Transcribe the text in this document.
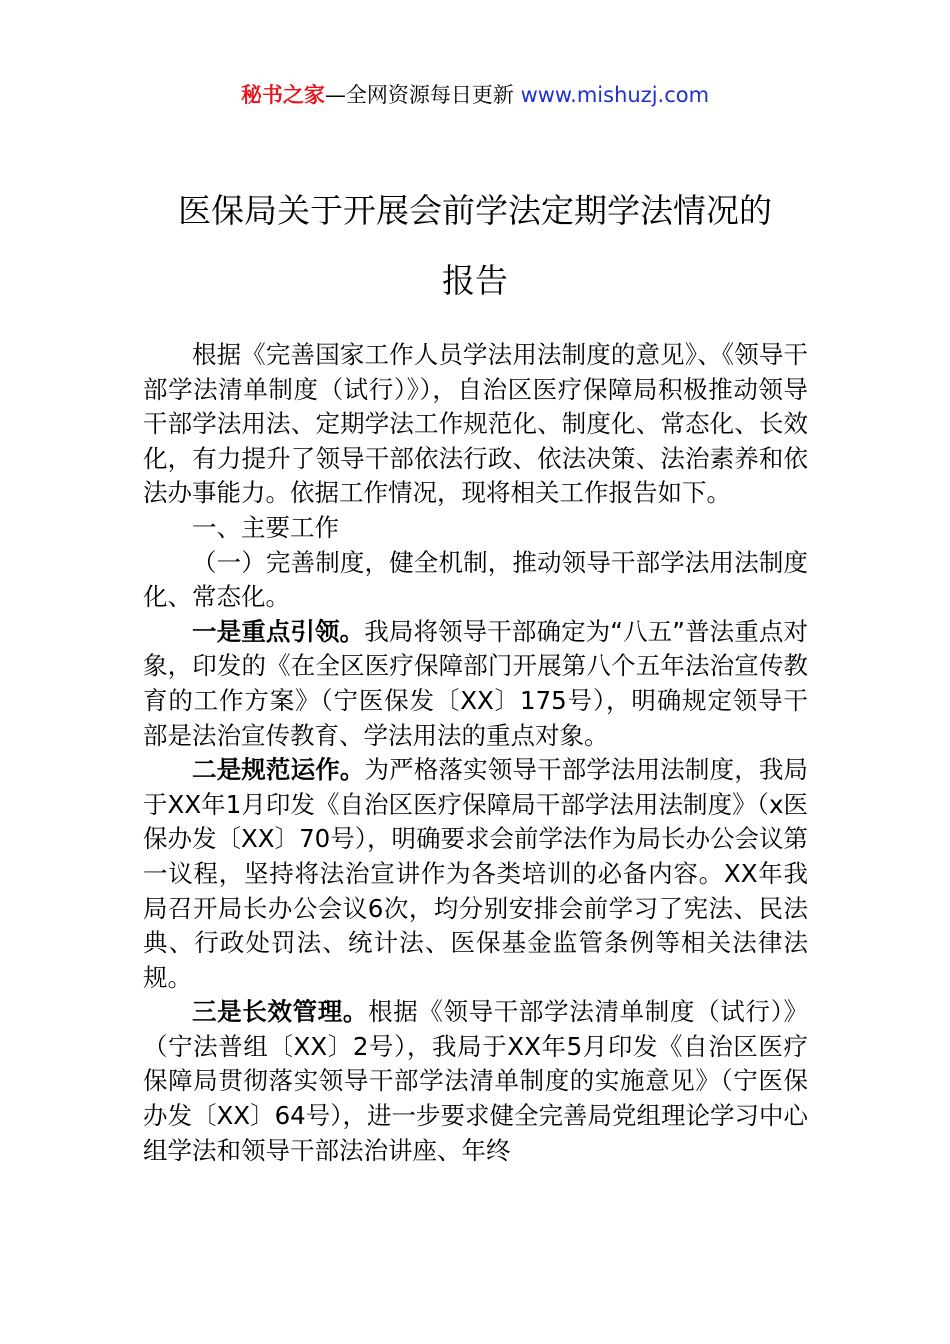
秘书之家—全网资源每日更新 www.mishuzj.com
医保局关于开展会前学法定期学法情况的
报告

根据《完善国家工作人员学法用法制度的意见》、《领导干部学法清单制度（试行）》），自治区医疗保障局积极推动领导干部学法用法、定期学法工作规范化、制度化、常态化、长效化，有力提升了领导干部依法行政、依法决策、法治素养和依法办事能力。依据工作情况，现将相关工作报告如下。

一、主要工作

（一）完善制度，健全机制，推动领导干部学法用法制度化、常态化。

一是重点引领。我局将领导干部确定为“八五”普法重点对象，印发的《在全区医疗保障部门开展第八个五年法治宣传教育的工作方案》（宁医保发〔XX〕175号），明确规定领导干部是法治宣传教育、学法用法的重点对象。

二是规范运作。为严格落实领导干部学法用法制度，我局于XX年1月印发《自治区医疗保障局干部学法用法制度》（x医保办发〔XX〕70号），明确要求会前学法作为局长办公会议第一议程，坚持将法治宣讲作为各类培训的必备内容。XX年我局召开局长办公会议6次，均分别安排会前学习了宪法、民法典、行政处罚法、统计法、医保基金监管条例等相关法律法规。

三是长效管理。根据《领导干部学法清单制度（试行）》（宁法普组〔XX〕2号），我局于XX年5月印发《自治区医疗保障局贯彻落实领导干部学法清单制度的实施意见》（宁医保办发〔XX〕64号），进一步要求健全完善局党组理论学习中心组学法和领导干部法治讲座、年终
